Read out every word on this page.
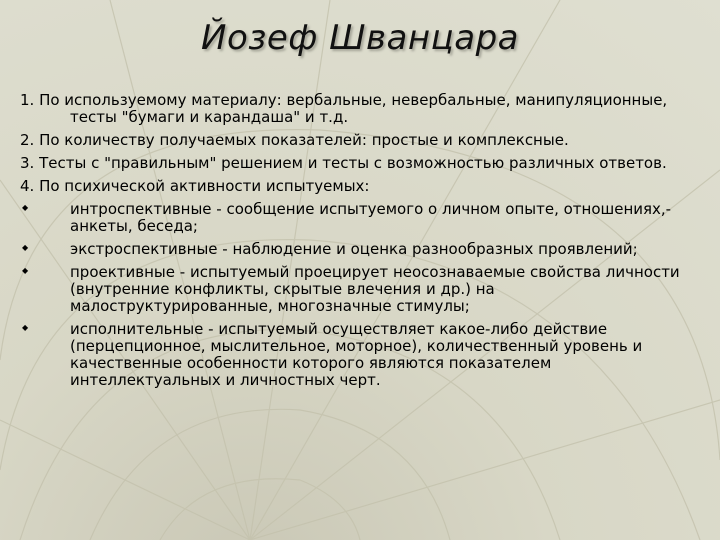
Йозеф Шванцара
1. По используемому материалу: вербальные, невербальные, манипуляционные, тесты "бумаги и карандаша" и т.д.
2. По количеству получаемых показателей: простые и комплексные.
3. Тесты с "правильным" решением и тесты с возможностью различных ответов.
4. По психической активности испытуемых:
◆	интроспективные - сообщение испытуемого о личном опыте, отношениях,- анкеты, беседа;
◆	экстроспективные - наблюдение и оценка разнообразных проявлений;
◆	проективные - испытуемый проецирует неосознаваемые свойства личности (внутренние конфликты, скрытые влечения и др.) на малоструктурированные, многозначные стимулы;
◆	исполнительные - испытуемый осуществляет какое-либо действие (перцепционное, мыслительное, моторное), количественный уровень и качественные особенности которого являются показателем интеллектуальных и личностных черт.
